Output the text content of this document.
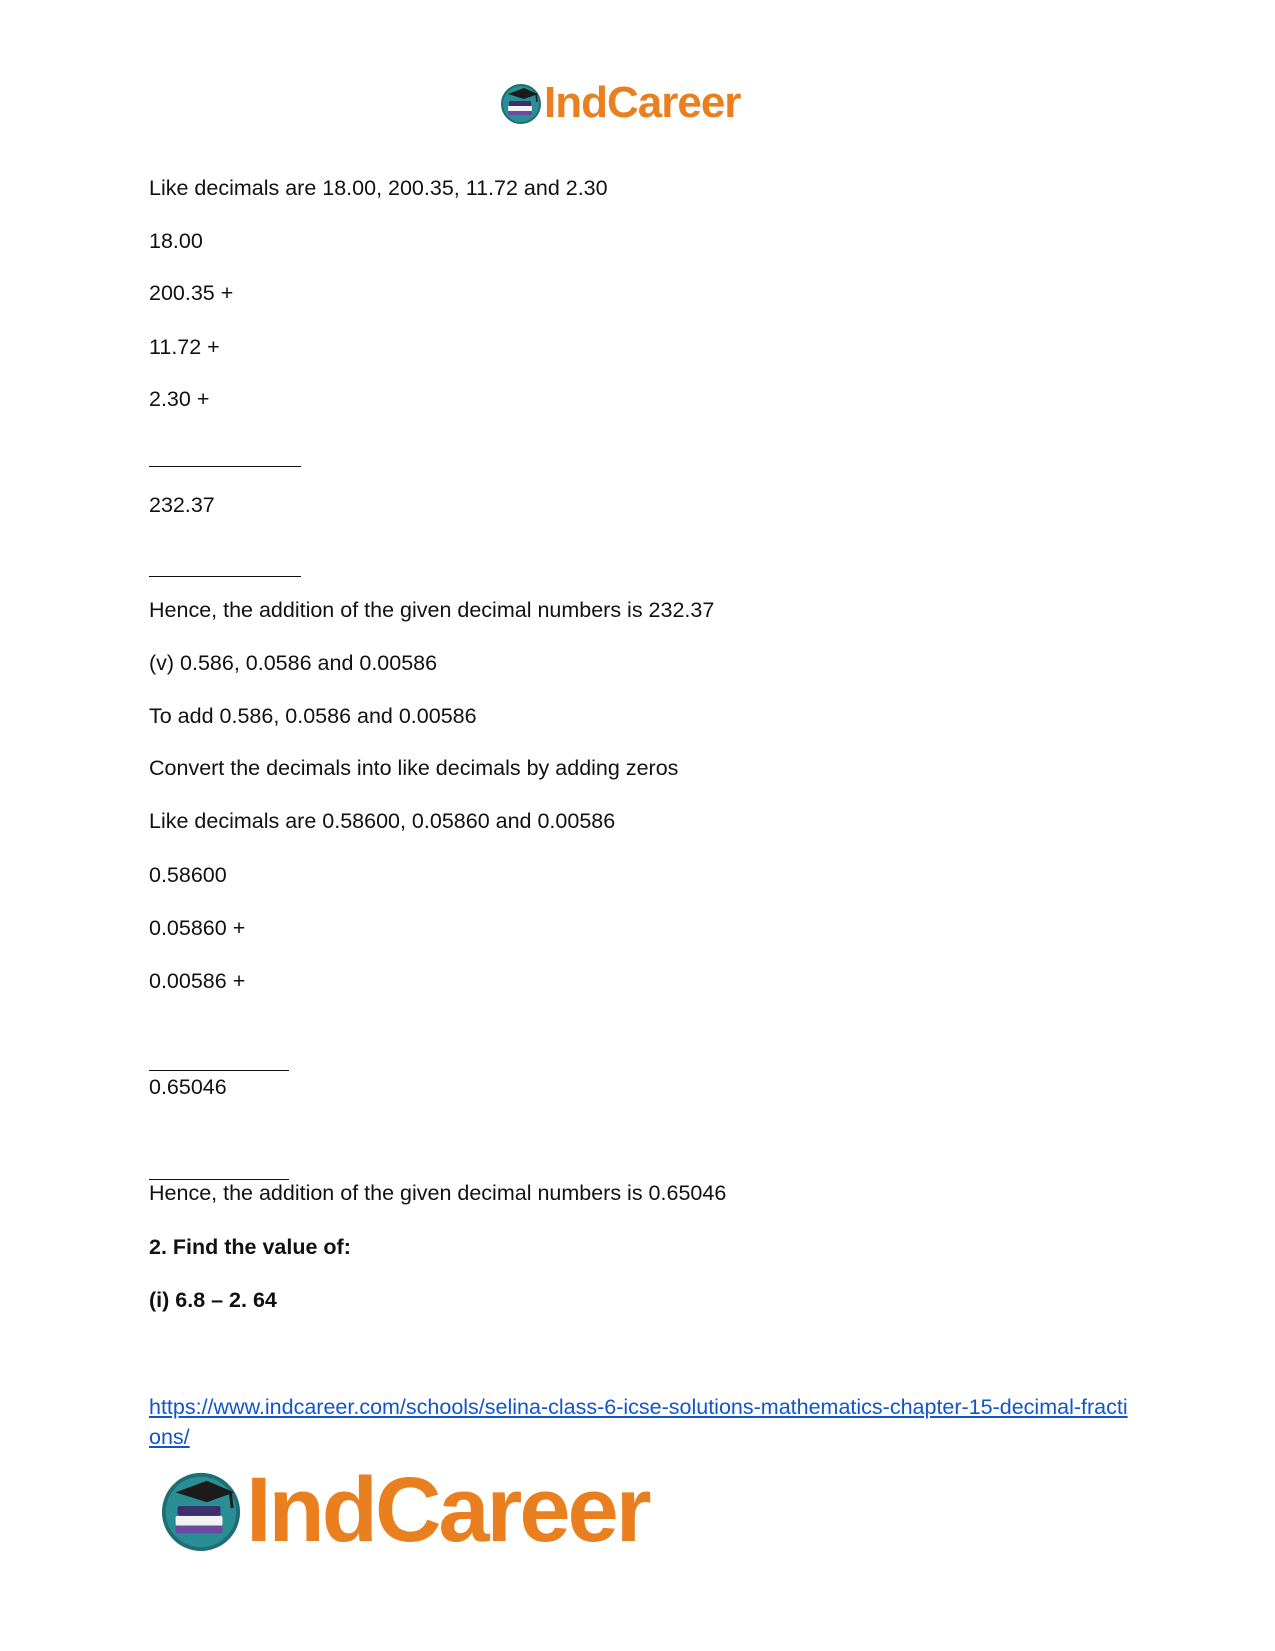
IndCareer
Like decimals are 18.00, 200.35, 11.72 and 2.30
18.00
200.35 +
11.72 +
2.30 +
232.37
Hence, the addition of the given decimal numbers is 232.37
(v) 0.586, 0.0586 and 0.00586
To add 0.586, 0.0586 and 0.00586
Convert the decimals into like decimals by adding zeros
Like decimals are 0.58600, 0.05860 and 0.00586
0.58600
0.05860 +
0.00586 +
0.65046
Hence, the addition of the given decimal numbers is 0.65046
2. Find the value of:
(i) 6.8 – 2. 64
https://www.indcareer.com/schools/selina-class-6-icse-solutions-mathematics-chapter-15-decimal-fractions/
IndCareer
